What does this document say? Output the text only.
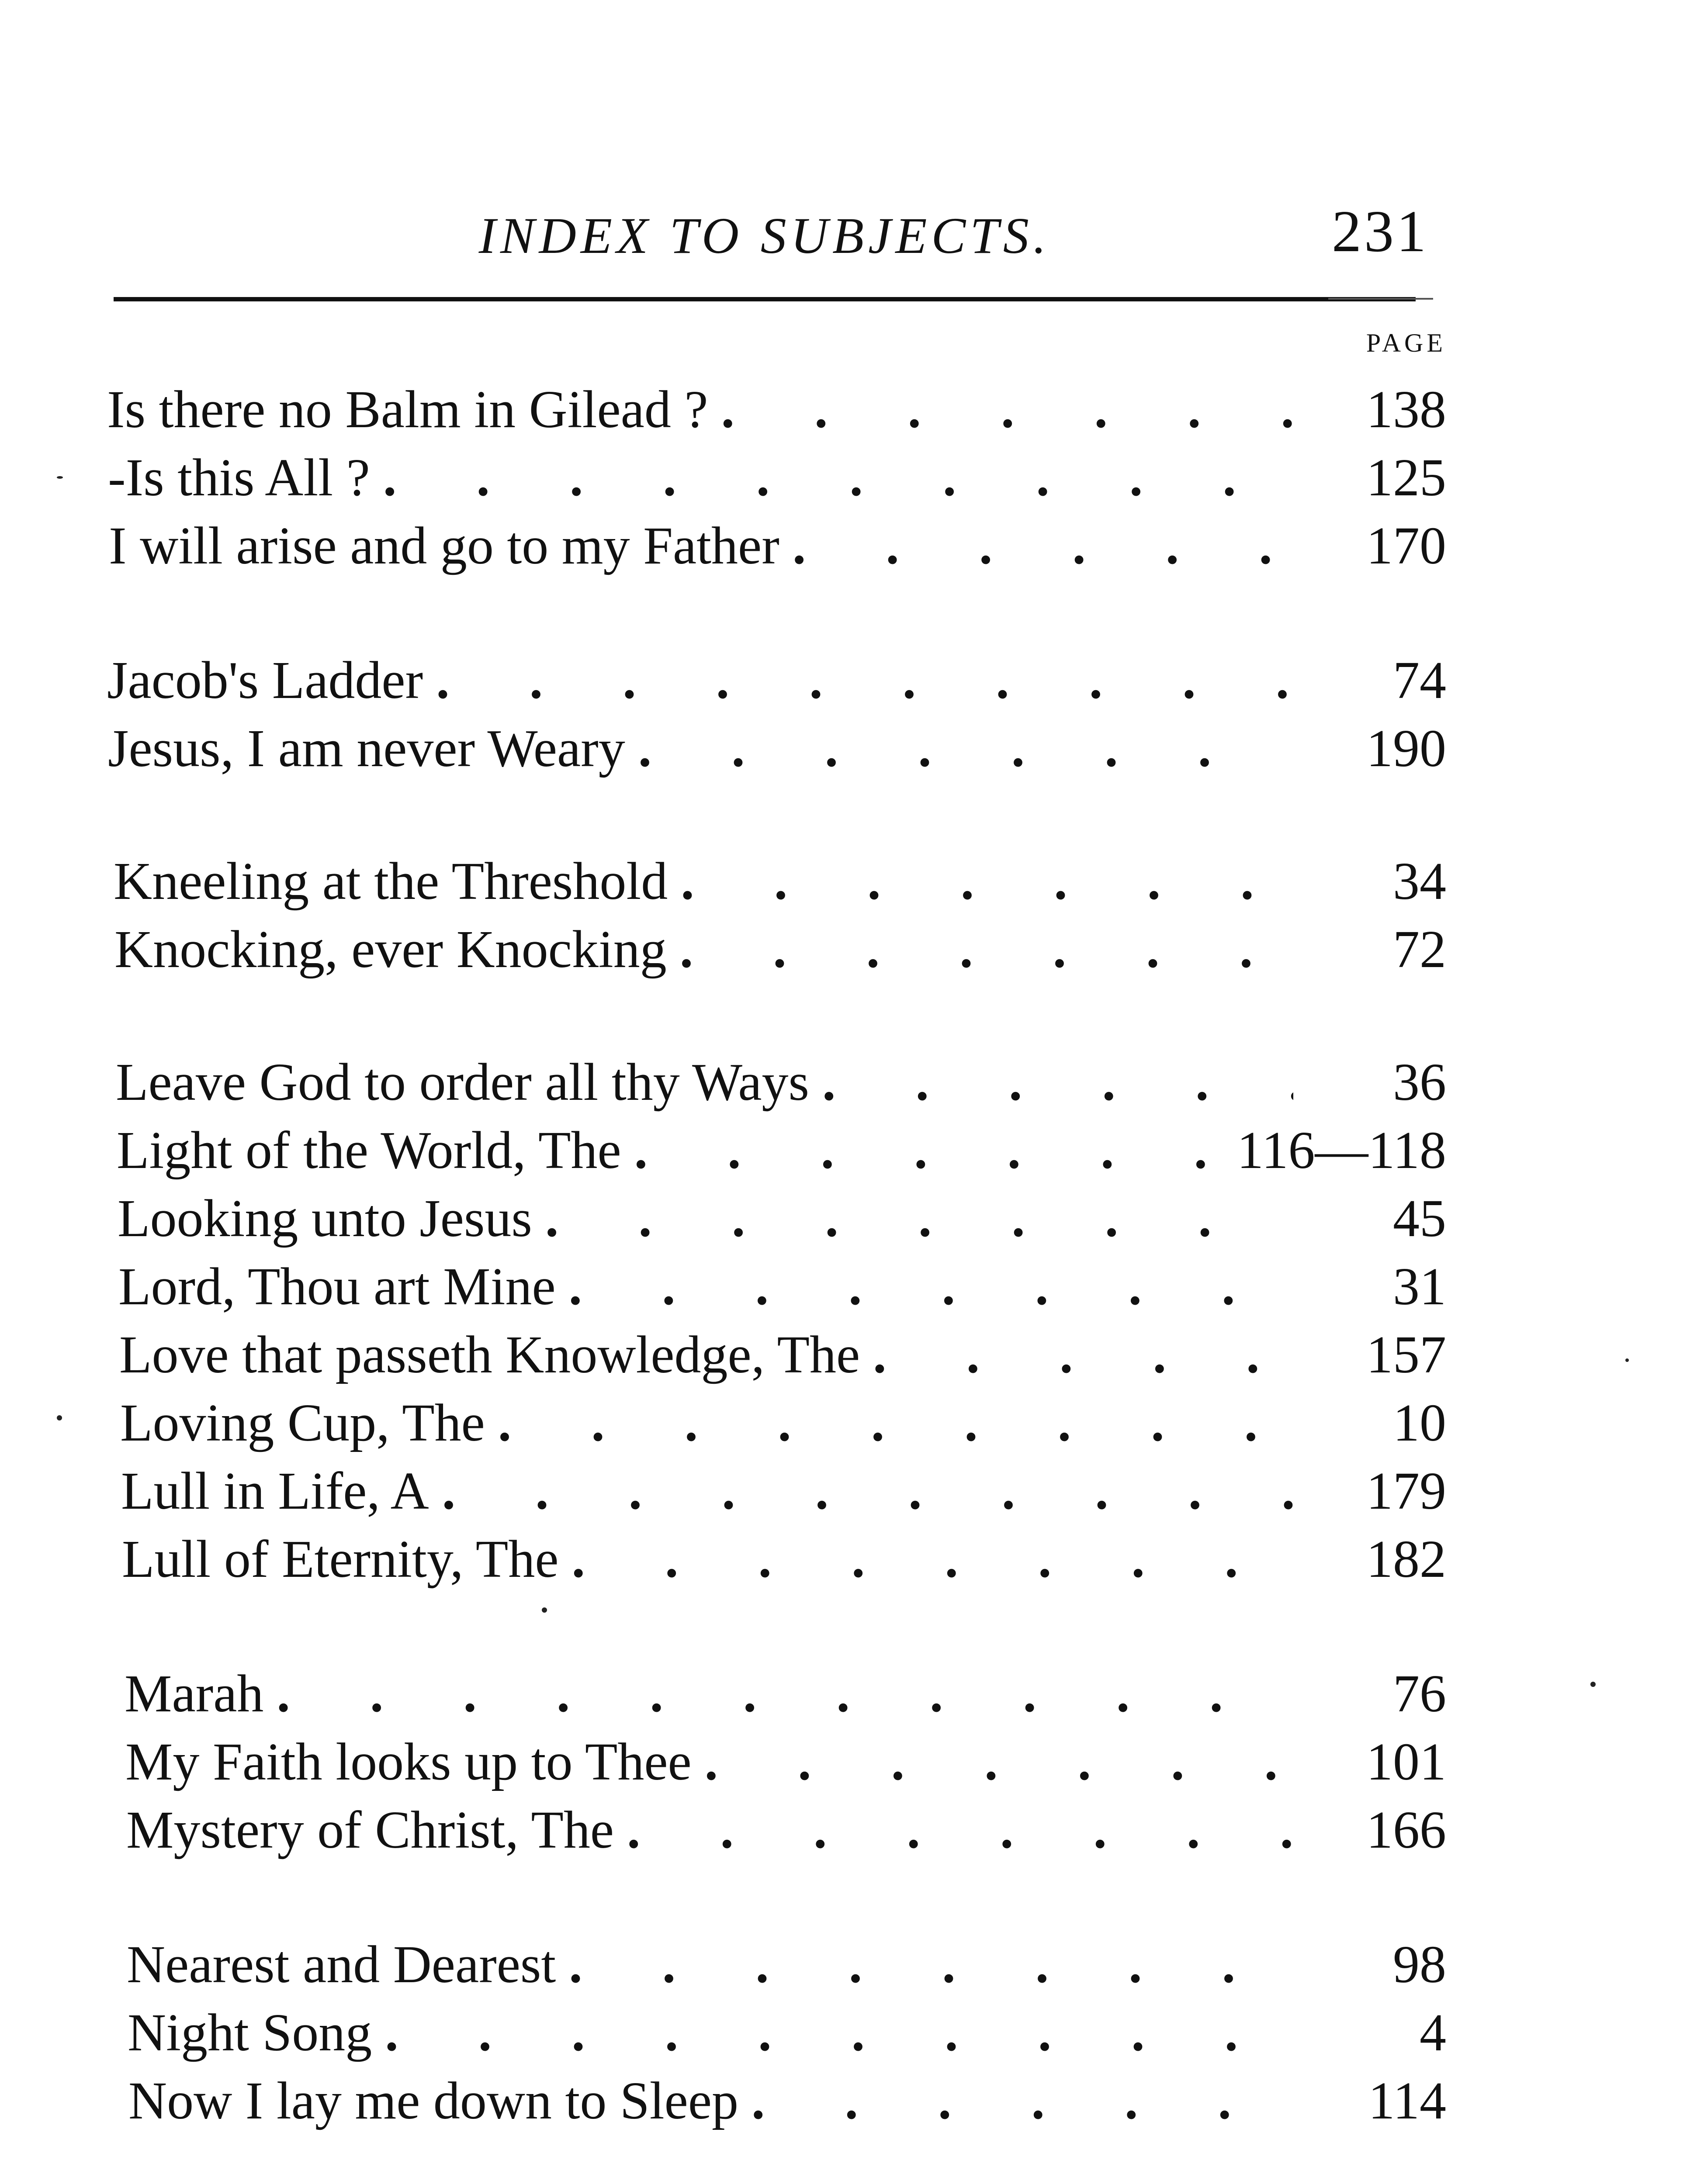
INDEX TO SUBJECTS.	231
PAGE
Is there no Balm in Gilead ? .	138
-Is this All ? .	125
I will arise and go to my Father .	170
Jacob's Ladder .	74
Jesus, I am never Weary .	190
Kneeling at the Threshold .	34
Knocking, ever Knocking .	72
Leave God to order all thy Ways .	36
Light of the World, The .	116—118
Looking unto Jesus .	45
Lord, Thou art Mine .	31
Love that passeth Knowledge, The .	157
Loving Cup, The .	10
Lull in Life, A .	179
Lull of Eternity, The .	182
Marah .	76
My Faith looks up to Thee .	101
Mystery of Christ, The .	166
Nearest and Dearest .	98
Night Song .	4
Now I lay me down to Sleep .	114
